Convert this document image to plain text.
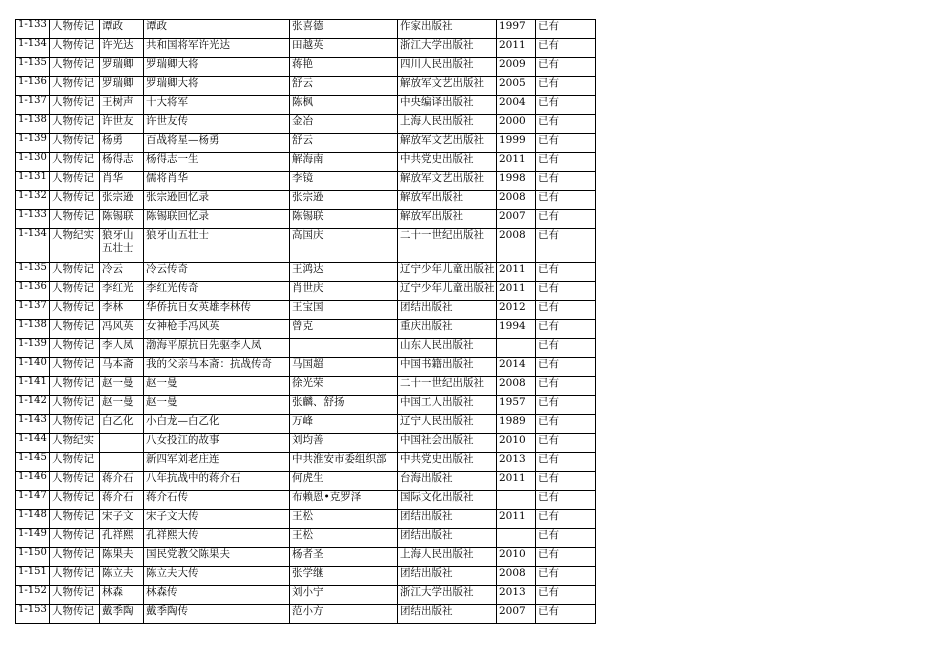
1-133	人物传记	谭政	谭政	张喜德	作家出版社	1997	已有

1-134	人物传记	许光达	共和国将军许光达	田越英	浙江大学出版社	2011	已有

1-135	人物传记	罗瑞卿	罗瑞卿大将	蒋艳	四川人民出版社	2009	已有

1-136	人物传记	罗瑞卿	罗瑞卿大将	舒云	解放军文艺出版社	2005	已有

1-137	人物传记	王树声	十大将军	陈枫	中央编译出版社	2004	已有

1-138	人物传记	许世友	许世友传	金冶	上海人民出版社	2000	已有

1-139	人物传记	杨勇	百战将星—杨勇	舒云	解放军文艺出版社	1999	已有

1-130	人物传记	杨得志	杨得志一生	解海南	中共党史出版社	2011	已有

1-131	人物传记	肖华	儒将肖华	李镜	解放军文艺出版社	1998	已有

1-132	人物传记	张宗逊	张宗逊回忆录	张宗逊	解放军出版社	2008	已有

1-133	人物传记	陈锡联	陈锡联回忆录	陈锡联	解放军出版社	2007	已有

1-134	人物纪实	狼牙山五壮士	狼牙山五壮士	高国庆	二十一世纪出版社	2008	已有

1-135	人物传记	冷云	冷云传奇	王鸿达	辽宁少年儿童出版社	2011	已有

1-136	人物传记	李红光	李红光传奇	肖世庆	辽宁少年儿童出版社	2011	已有

1-137	人物传记	李林	华侨抗日女英雄李林传	王宝国	团结出版社	2012	已有

1-138	人物传记	冯风英	女神枪手冯风英	曾克	重庆出版社	1994	已有

1-139	人物传记	李人凤	渤海平原抗日先驱李人凤		山东人民出版社		已有

1-140	人物传记	马本斋	我的父亲马本斋：抗战传奇	马国超	中国书籍出版社	2014	已有

1-141	人物传记	赵一曼	赵一曼	徐光荣	二十一世纪出版社	2008	已有

1-142	人物传记	赵一曼	赵一曼	张麟、舒扬	中国工人出版社	1957	已有

1-143	人物传记	白乙化	小白龙—白乙化	万峰	辽宁人民出版社	1989	已有

1-144	人物纪实		八女投江的故事	刘均善	中国社会出版社	2010	已有

1-145	人物传记		新四军刘老庄连	中共淮安市委组织部	中共党史出版社	2013	已有

1-146	人物传记	蒋介石	八年抗战中的蒋介石	何虎生	台海出版社	2011	已有

1-147	人物传记	蒋介石	蒋介石传	布赖恩•克罗泽	国际文化出版社		已有

1-148	人物传记	宋子文	宋子文大传	王松	团结出版社	2011	已有

1-149	人物传记	孔祥熙	孔祥熙大传	王松	团结出版社		已有

1-150	人物传记	陈果夫	国民党教父陈果夫	杨者圣	上海人民出版社	2010	已有

1-151	人物传记	陈立夫	陈立夫大传	张学继	团结出版社	2008	已有

1-152	人物传记	林森	林森传	刘小宁	浙江大学出版社	2013	已有

1-153	人物传记	戴季陶	戴季陶传	范小方	团结出版社	2007	已有
